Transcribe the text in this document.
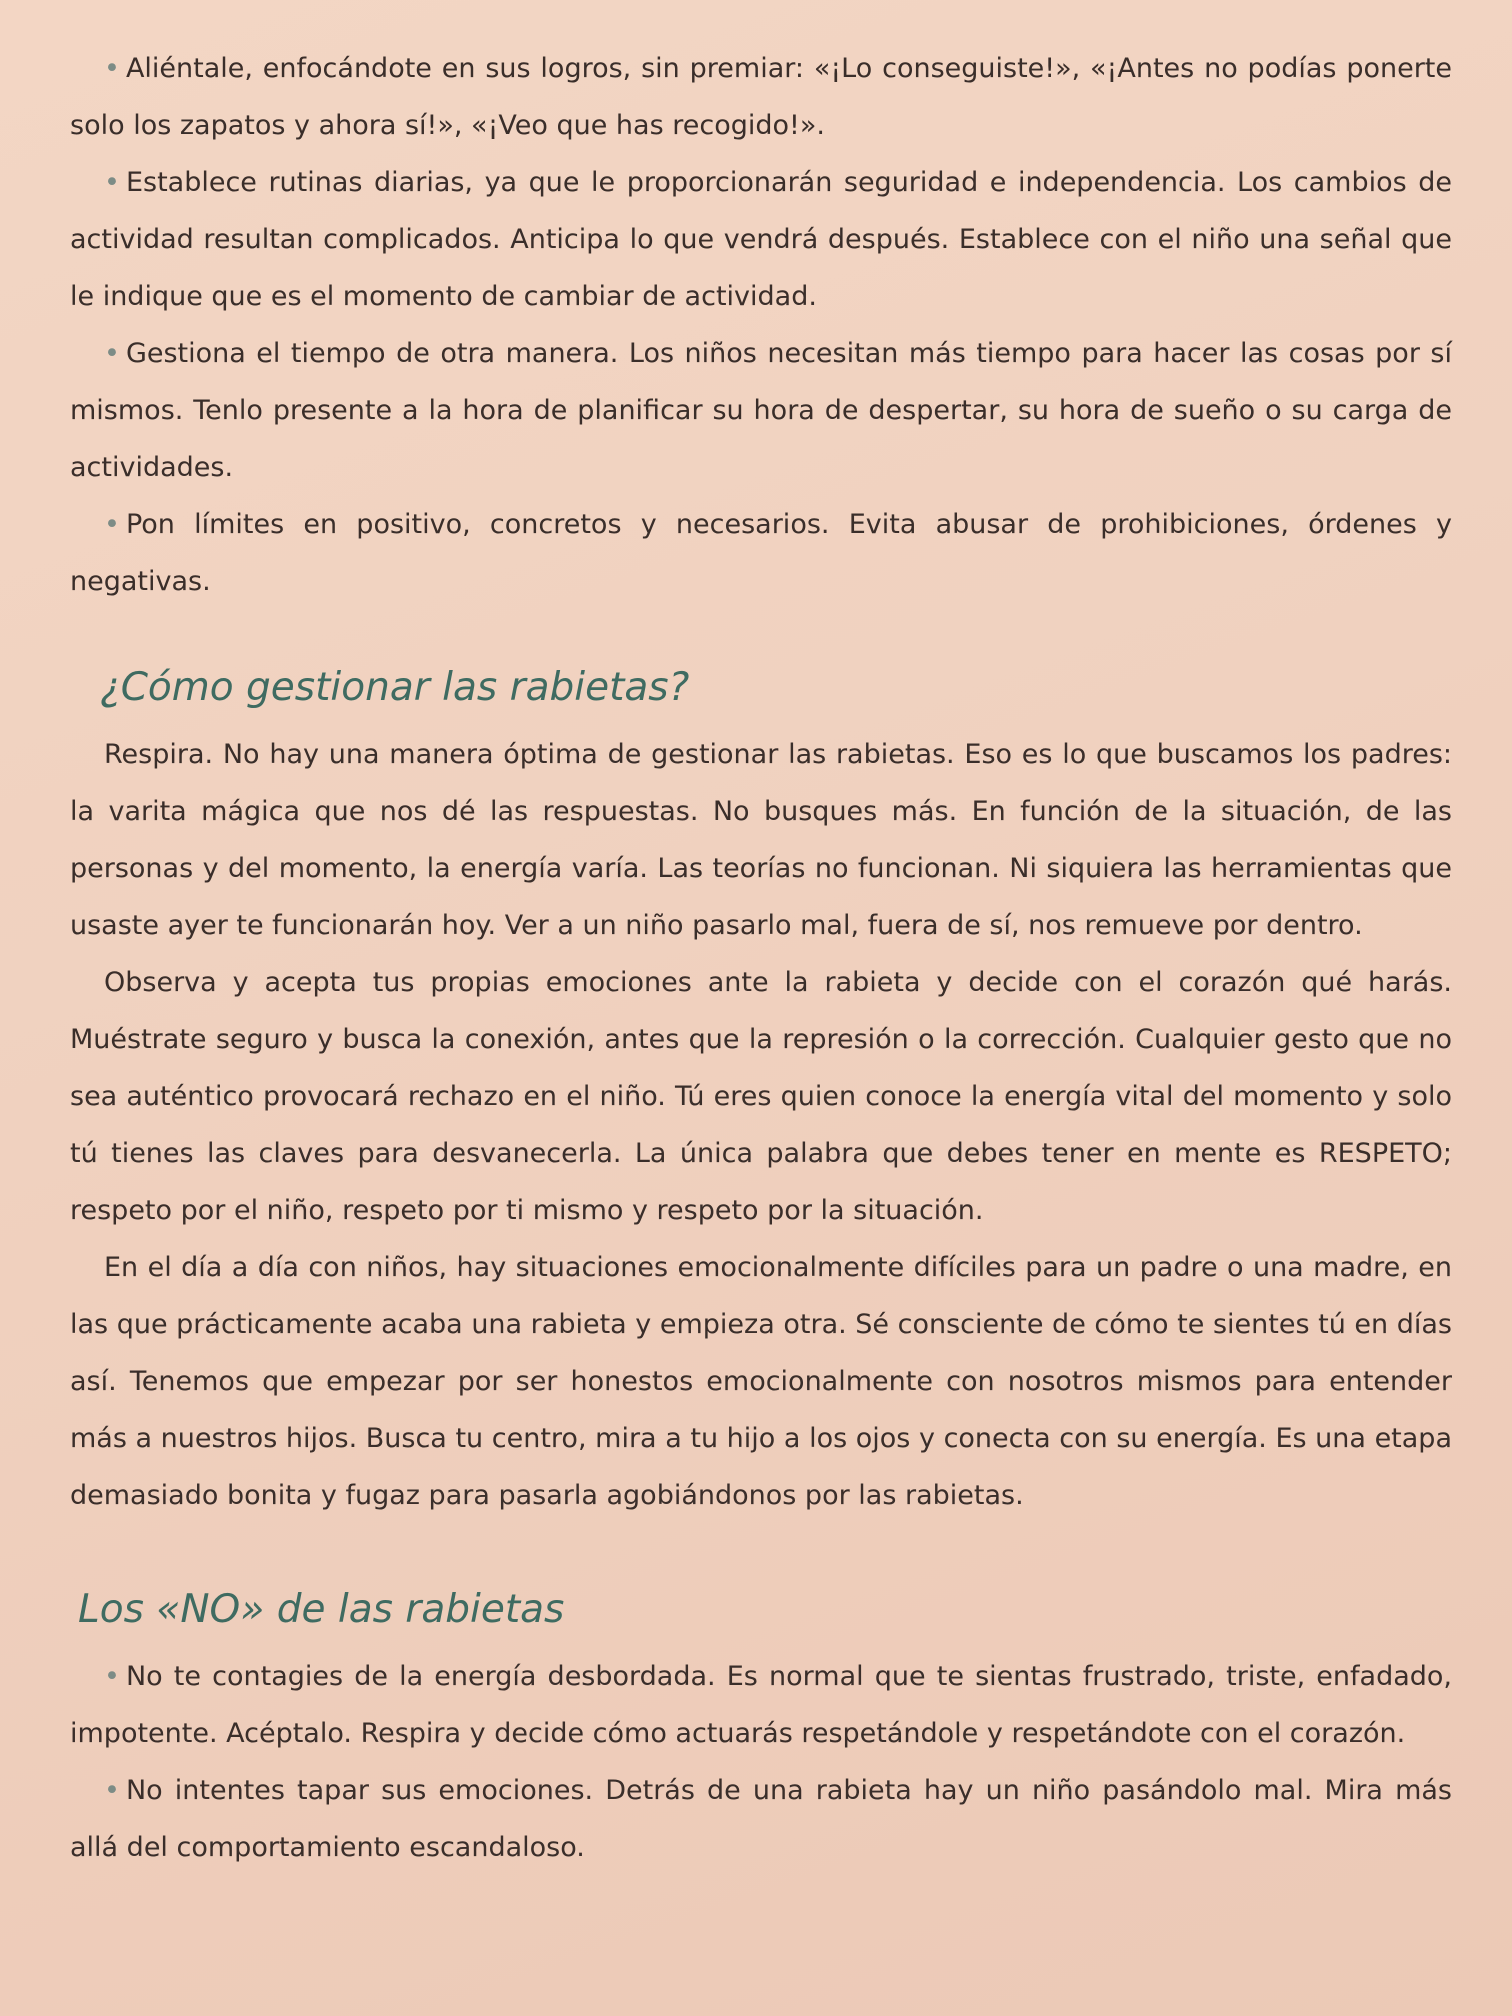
• Aliéntale, enfocándote en sus logros, sin premiar: «¡Lo conseguiste!», «¡Antes no podías ponerte solo los zapatos y ahora sí!», «¡Veo que has recogido!».

• Establece rutinas diarias, ya que le proporcionarán seguridad e independencia. Los cambios de actividad resultan complicados. Anticipa lo que vendrá después. Establece con el niño una señal que le indique que es el momento de cambiar de actividad.

• Gestiona el tiempo de otra manera. Los niños necesitan más tiempo para hacer las cosas por sí mismos. Tenlo presente a la hora de planificar su hora de despertar, su hora de sueño o su carga de actividades.

• Pon límites en positivo, concretos y necesarios. Evita abusar de prohibiciones, órdenes y negativas.

¿Cómo gestionar las rabietas?

Respira. No hay una manera óptima de gestionar las rabietas. Eso es lo que buscamos los padres: la varita mágica que nos dé las respuestas. No busques más. En función de la situación, de las personas y del momento, la energía varía. Las teorías no funcionan. Ni siquiera las herramientas que usaste ayer te funcionarán hoy. Ver a un niño pasarlo mal, fuera de sí, nos remueve por dentro.

Observa y acepta tus propias emociones ante la rabieta y decide con el corazón qué harás. Muéstrate seguro y busca la conexión, antes que la represión o la corrección. Cualquier gesto que no sea auténtico provocará rechazo en el niño. Tú eres quien conoce la energía vital del momento y solo tú tienes las claves para desvanecerla. La única palabra que debes tener en mente es RESPETO; respeto por el niño, respeto por ti mismo y respeto por la situación.

En el día a día con niños, hay situaciones emocionalmente difíciles para un padre o una madre, en las que prácticamente acaba una rabieta y empieza otra. Sé consciente de cómo te sientes tú en días así. Tenemos que empezar por ser honestos emocionalmente con nosotros mismos para entender más a nuestros hijos. Busca tu centro, mira a tu hijo a los ojos y conecta con su energía. Es una etapa demasiado bonita y fugaz para pasarla agobiándonos por las rabietas.

Los «NO» de las rabietas

• No te contagies de la energía desbordada. Es normal que te sientas frustrado, triste, enfadado, impotente. Acéptalo. Respira y decide cómo actuarás respetándole y respetándote con el corazón.

• No intentes tapar sus emociones. Detrás de una rabieta hay un niño pasándolo mal. Mira más allá del comportamiento escandaloso.
